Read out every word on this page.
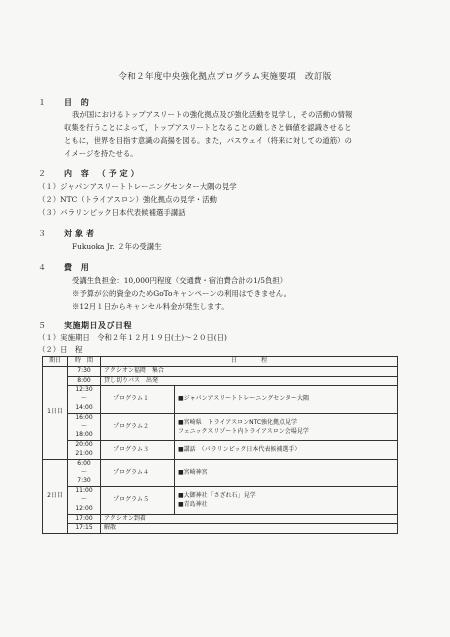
令和２年度中央強化拠点プログラム実施要項　改訂版
１ 目 的
我が国におけるトップアスリートの強化拠点及び強化活動を見学し，その活動の情報
収集を行うことによって，トップアスリートとなることの厳しさと価値を認識させると
ともに，世界を目指す意識の高揚を図る。また，パスウェイ（将来に対しての道筋）の
イメージを持たせる。
２ 内 容 （予定）
（１）ジャパンアスリートトレーニングセンター大隅の見学
（２）NTC（トライアスロン）強化拠点の見学・活動
（３）パラリンピック日本代表候補選手講話
３ 対象者
Fukuoka Jr. ２年の受講生
４ 費 用
受講生負担金：10,000円程度（交通費・宿泊費合計の1/5負担）
※予算が公的資金のためGoToキャンペーンの利用はできません。
※12月１日からキャンセル料金が発生します。
５ 実施期日及び日程
（１）実施期日　令和２年１２月１９日(土)～２０日(日)
（２）日　程
期日	時　間	日　　　　程	
1日目	7:30	アクシオン福岡　集合	
	8:00	貸し切りバス　出発	
	12:30	プログラム１	■ジャパンアスリートトレーニングセンター大隅
	～		
	14:00		
	16:00	プログラム２	■宮崎県　トライアスロンNTC強化拠点見学
フェニックスリゾート内トライアスロン会場見学

	～		
	18:00		
	20:00	プログラム３	■講話　（パラリンピック日本代表候補選手）
	21:00		
2日目	6:00	プログラム４	■宮崎神宮
	～		
	7:30		
	11:00	プログラム５	■大御神社「さざれ石」見学
■青島神社

	～		
	12:00		
	17:00	アクシオン到着	
	17:15	解散	
